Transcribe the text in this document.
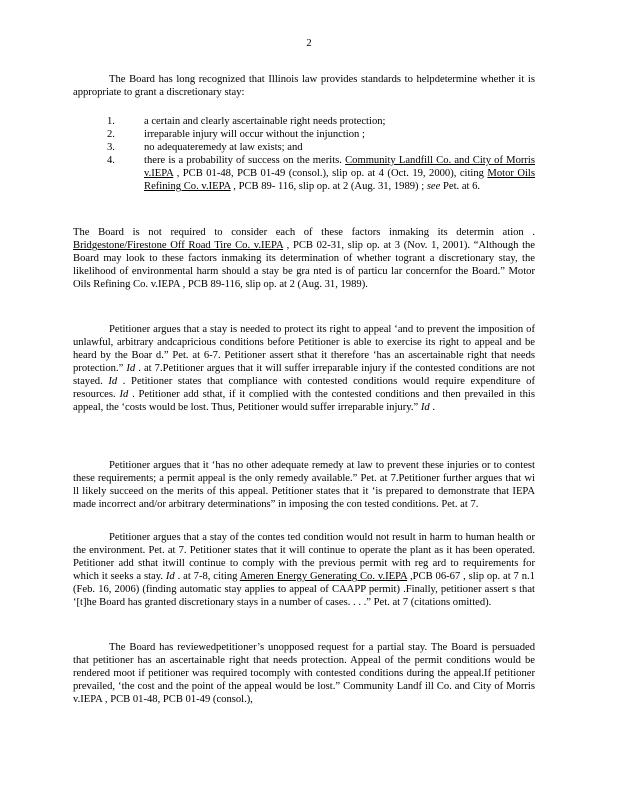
2

The Board has long recognized that Illinois law provides standards to helpdetermine whether it is appropriate to grant a discretionary stay:

1.	a certain and clearly ascertainable right needs protection;
2.	irreparable injury will occur without the injunction ;
3.	no adequateremedy at law exists; and
4.	there is a probability of success on the merits. Community Landfill Co. and City of Morris v.IEPA , PCB 01-48, PCB 01-49 (consol.), slip op. at 4 (Oct. 19, 2000), citing Motor Oils Refining Co. v.IEPA , PCB 89- 116, slip op. at 2 (Aug. 31, 1989) ; see Pet. at 6.

The Board is not required to consider each of these factors inmaking its determin ation . Bridgestone/Firestone Off Road Tire Co. v.IEPA , PCB 02-31, slip op. at 3 (Nov. 1, 2001). “Although the Board may look to these factors inmaking its determination of whether togrant a discretionary stay, the likelihood of environmental harm should a stay be gra nted is of particu lar concernfor the Board.” Motor Oils Refining Co. v.IEPA , PCB 89-116, slip op. at 2 (Aug. 31, 1989).

Petitioner argues that a stay is needed to protect its right to appeal ‘and to prevent the imposition of unlawful, arbitrary andcapricious conditions before Petitioner is able to exercise its right to appeal and be heard by the Boar d.” Pet. at 6-7. Petitioner assert sthat it therefore ‘has an ascertainable right that needs protection.” Id . at 7.Petitioner argues that it will suffer irreparable injury if the contested conditions are not stayed. Id . Petitioner states that compliance with contested conditions would require expenditure of resources. Id . Petitioner add sthat, if it complied with the contested conditions and then prevailed in this appeal, the ‘costs would be lost. Thus, Petitioner would suffer irreparable injury.” Id .

Petitioner argues that it ‘has no other adequate remedy at law to prevent these injuries or to contest these requirements; a permit appeal is the only remedy available.” Pet. at 7.Petitioner further argues that wi ll likely succeed on the merits of this appeal. Petitioner states that it ‘is prepared to demonstrate that IEPA made incorrect and/or arbitrary determinations” in imposing the con tested conditions. Pet. at 7.

Petitioner argues that a stay of the contes ted condition would not result in harm to human health or the environment. Pet. at 7. Petitioner states that it will continue to operate the plant as it has been operated. Petitioner add sthat itwill continue to comply with the previous permit with reg ard to requirements for which it seeks a stay. Id . at 7-8, citing Ameren Energy Generating Co. v.IEPA ,PCB 06-67 , slip op. at 7 n.1 (Feb. 16, 2006) (finding automatic stay applies to appeal of CAAPP permit) .Finally, petitioner assert s that ‘[t]he Board has granted discretionary stays in a number of cases. . . .” Pet. at 7 (citations omitted).

The Board has reviewedpetitioner’s unopposed request for a partial stay. The Board is persuaded that petitioner has an ascertainable right that needs protection. Appeal of the permit conditions would be rendered moot if petitioner was required tocomply with contested conditions during the appeal.If petitioner prevailed, ‘the cost and the point of the appeal would be lost.” Community Landf ill Co. and City of Morris v.IEPA , PCB 01-48, PCB 01-49 (consol.),
